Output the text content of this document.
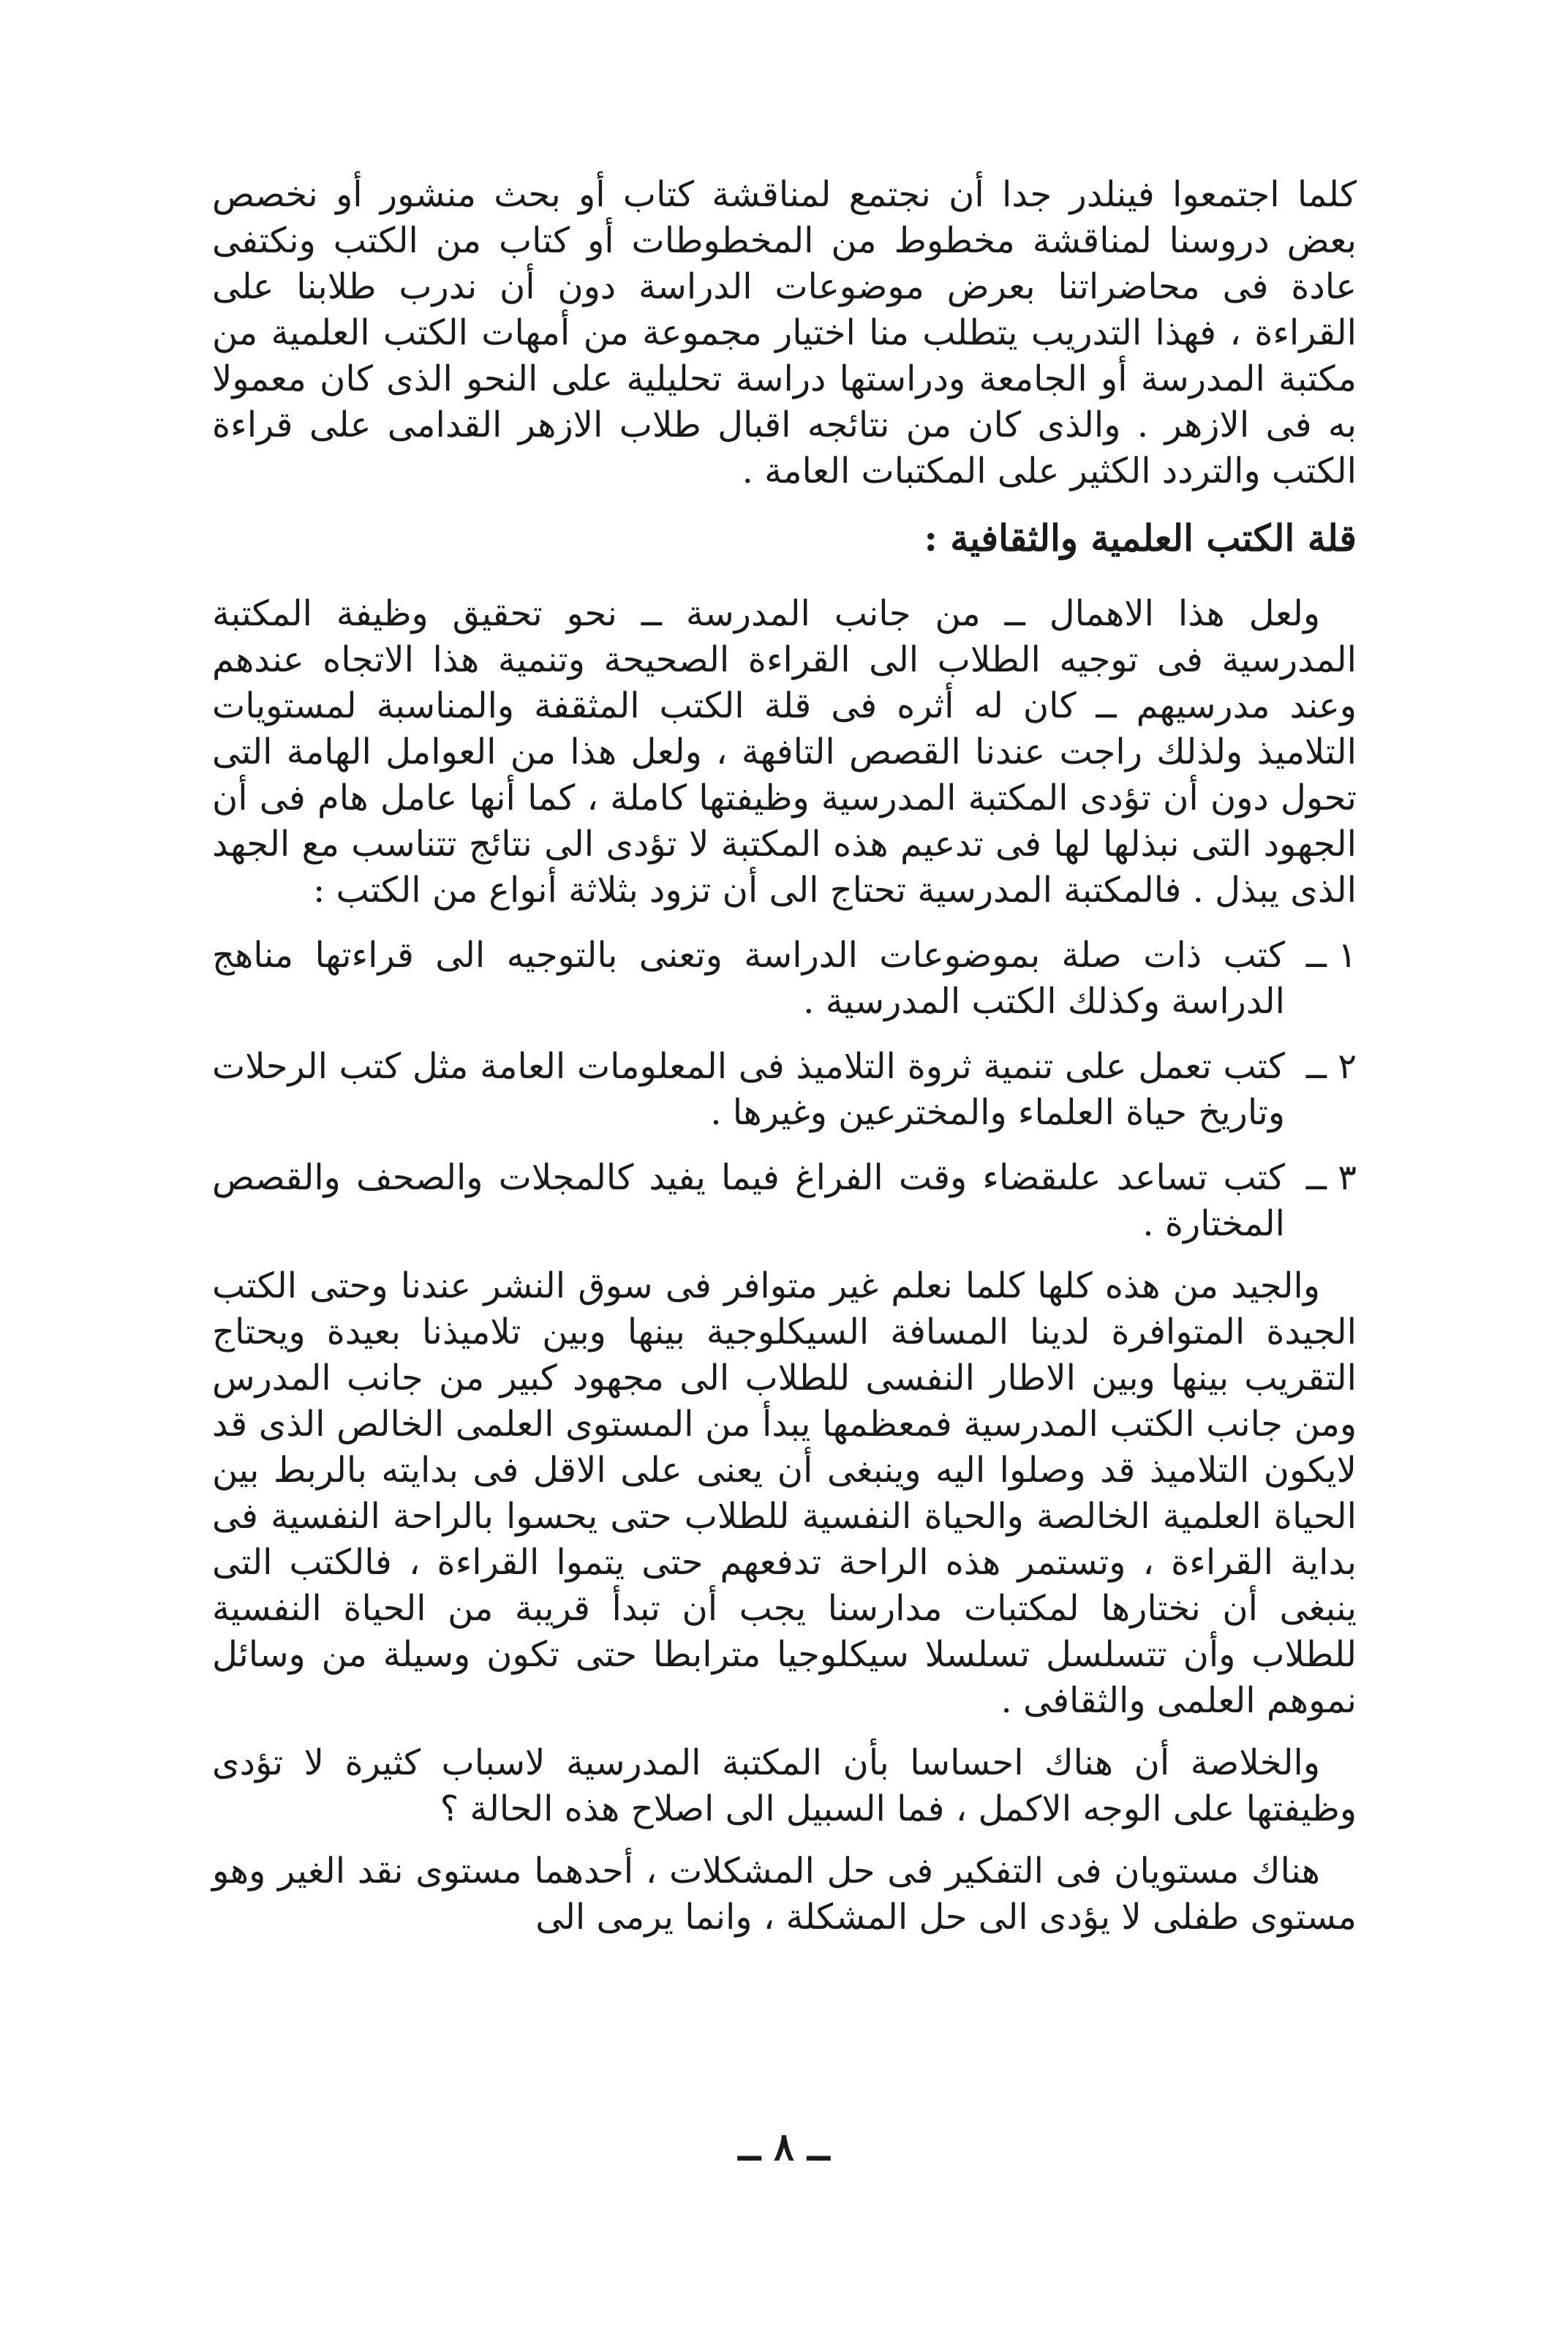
كلما اجتمعوا فينلدر جدا أن نجتمع لمناقشة كتاب أو بحث منشور أو نخصص بعض دروسنا لمناقشة مخطوط من المخطوطات أو كتاب من الكتب ونكتفى عادة فى محاضراتنا بعرض موضوعات الدراسة دون أن ندرب طلابنا على القراءة ، فهذا التدريب يتطلب منا اختيار مجموعة من أمهات الكتب العلمية من مكتبة المدرسة أو الجامعة ودراستها دراسة تحليلية على النحو الذى كان معمولا به فى الازهر . والذى كان من نتائجه اقبال طلاب الازهر القدامى على قراءة الكتب والتردد الكثير على المكتبات العامة .

قلة الكتب العلمية والثقافية :

ولعل هذا الاهمال ــ من جانب المدرسة ــ نحو تحقيق وظيفة المكتبة المدرسية فى توجيه الطلاب الى القراءة الصحيحة وتنمية هذا الاتجاه عندهم وعند مدرسيهم ــ كان له أثره فى قلة الكتب المثقفة والمناسبة لمستويات التلاميذ ولذلك راجت عندنا القصص التافهة ، ولعل هذا من العوامل الهامة التى تحول دون أن تؤدى المكتبة المدرسية وظيفتها كاملة ، كما أنها عامل هام فى أن الجهود التى نبذلها لها فى تدعيم هذه المكتبة لا تؤدى الى نتائج تتناسب مع الجهد الذى يبذل . فالمكتبة المدرسية تحتاج الى أن تزود بثلاثة أنواع من الكتب :

١ ــ
كتب ذات صلة بموضوعات الدراسة وتعنى بالتوجيه الى قراءتها مناهج الدراسة وكذلك الكتب المدرسية .
٢ ــ
كتب تعمل على تنمية ثروة التلاميذ فى المعلومات العامة مثل كتب الرحلات وتاريخ حياة العلماء والمخترعين وغيرها .
٣ ــ
كتب تساعد علىقضاء وقت الفراغ فيما يفيد كالمجلات والصحف والقصص المختارة .

والجيد من هذه كلها كلما نعلم غير متوافر فى سوق النشر عندنا وحتى الكتب الجيدة المتوافرة لدينا المسافة السيكلوجية بينها وبين تلاميذنا بعيدة ويحتاج التقريب بينها وبين الاطار النفسى للطلاب الى مجهود كبير من جانب المدرس ومن جانب الكتب المدرسية فمعظمها يبدأ من المستوى العلمى الخالص الذى قد لايكون التلاميذ قد وصلوا اليه وينبغى أن يعنى على الاقل فى بدايته بالربط بين الحياة العلمية الخالصة والحياة النفسية للطلاب حتى يحسوا بالراحة النفسية فى بداية القراءة ، وتستمر هذه الراحة تدفعهم حتى يتموا القراءة ، فالكتب التى ينبغى أن نختارها لمكتبات مدارسنا يجب أن تبدأ قريبة من الحياة النفسية للطلاب وأن تتسلسل تسلسلا سيكلوجيا مترابطا حتى تكون وسيلة من وسائل نموهم العلمى والثقافى .

والخلاصة أن هناك احساسا بأن المكتبة المدرسية لاسباب كثيرة لا تؤدى وظيفتها على الوجه الاكمل ، فما السبيل الى اصلاح هذه الحالة ؟

هناك مستويان فى التفكير فى حل المشكلات ، أحدهما مستوى نقد الغير وهو مستوى طفلى لا يؤدى الى حل المشكلة ، وانما يرمى الى

ــ ٨ ــ
